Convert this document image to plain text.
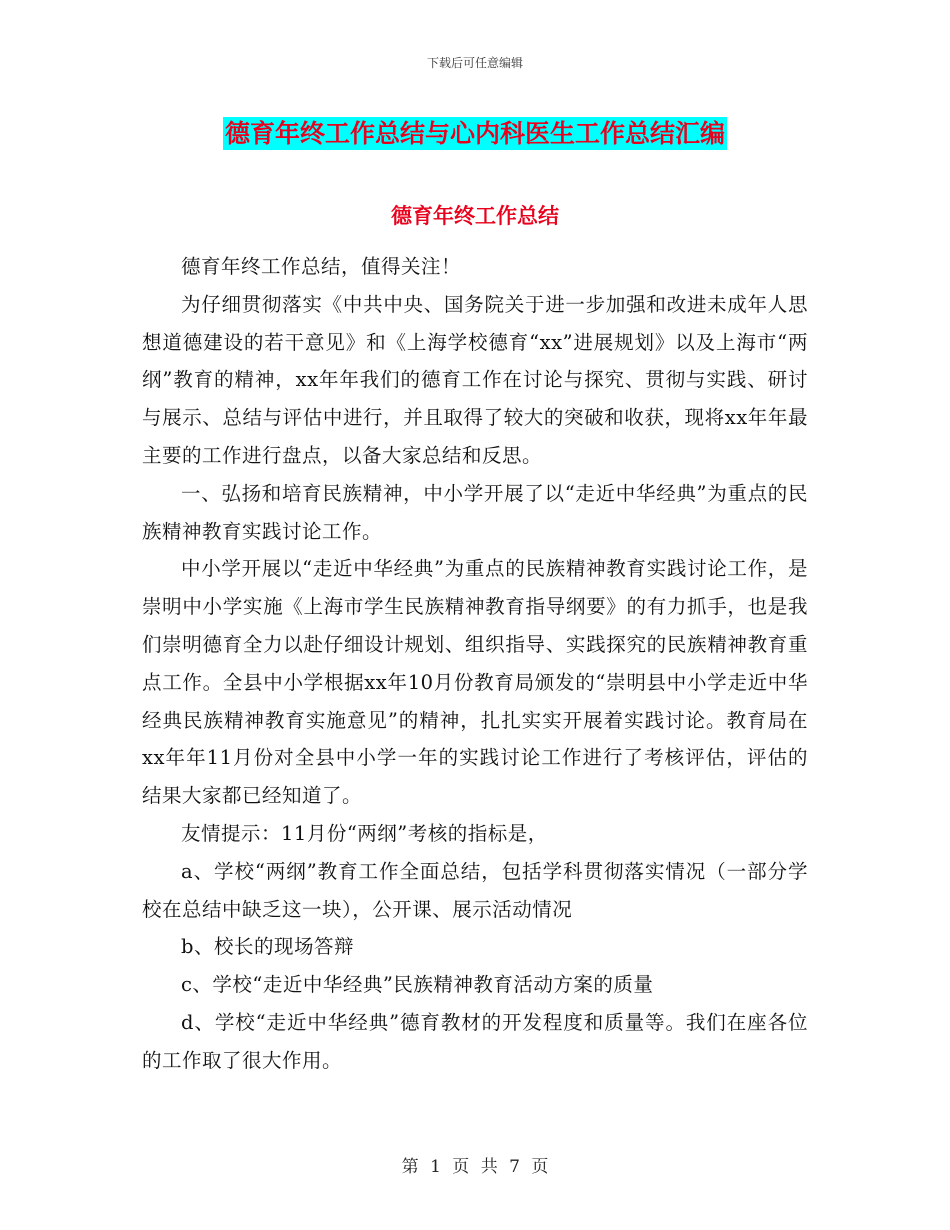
下载后可任意编辑
德育年终工作总结与心内科医生工作总结汇编
德育年终工作总结

德育年终工作总结，值得关注！

为仔细贯彻落实《中共中央、国务院关于进一步加强和改进未成年人思想道德建设的若干意见》和《上海学校德育“xx”进展规划》以及上海市“两纲”教育的精神，xx年年我们的德育工作在讨论与探究、贯彻与实践、研讨与展示、总结与评估中进行，并且取得了较大的突破和收获，现将xx年年最主要的工作进行盘点，以备大家总结和反思。

一、弘扬和培育民族精神，中小学开展了以“走近中华经典”为重点的民族精神教育实践讨论工作。

中小学开展以“走近中华经典”为重点的民族精神教育实践讨论工作，是崇明中小学实施《上海市学生民族精神教育指导纲要》的有力抓手，也是我们崇明德育全力以赴仔细设计规划、组织指导、实践探究的民族精神教育重点工作。全县中小学根据xx年10月份教育局颁发的“崇明县中小学走近中华经典民族精神教育实施意见”的精神，扎扎实实开展着实践讨论。教育局在xx年年11月份对全县中小学一年的实践讨论工作进行了考核评估，评估的结果大家都已经知道了。

友情提示：11月份“两纲”考核的指标是，

a、学校“两纲”教育工作全面总结，包括学科贯彻落实情况（一部分学校在总结中缺乏这一块），公开课、展示活动情况

b、校长的现场答辩

c、学校“走近中华经典”民族精神教育活动方案的质量

d、学校“走近中华经典”德育教材的开发程度和质量等。我们在座各位的工作取了很大作用。

第 1 页 共 7 页
